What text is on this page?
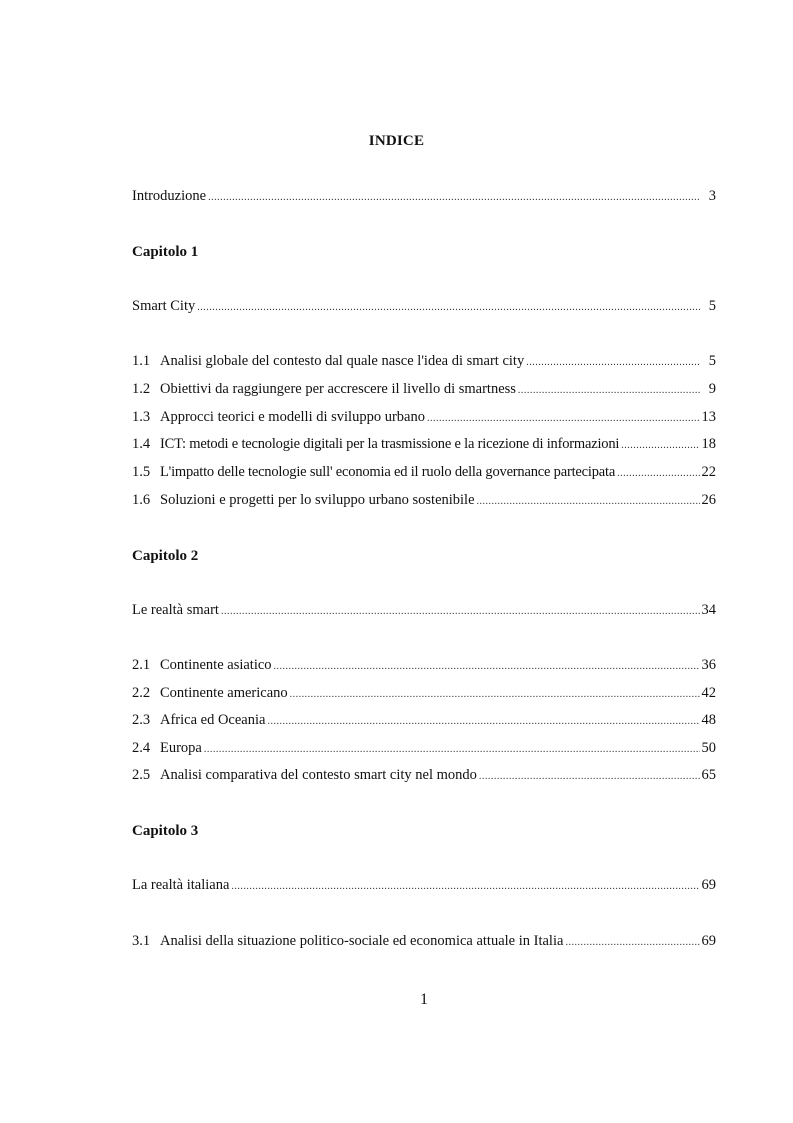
INDICE
Introduzione .....	3
Capitolo 1
Smart City .....	5
1.1 Analisi globale del contesto dal quale nasce l'idea di smart city .....	5
1.2 Obiettivi da raggiungere per accrescere il livello di smartness .....	9
1.3 Approcci teorici e modelli di sviluppo urbano .....	13
1.4 ICT: metodi e tecnologie digitali per la trasmissione e la ricezione di informazioni .....	18
1.5 L'impatto delle tecnologie sull' economia ed il ruolo della governance partecipata .....	22
1.6 Soluzioni e progetti per lo sviluppo urbano sostenibile .....	26
Capitolo 2
Le realtà smart .....	34
2.1 Continente asiatico .....	36
2.2 Continente americano .....	42
2.3 Africa ed Oceania .....	48
2.4 Europa .....	50
2.5 Analisi comparativa del contesto smart city nel mondo .....	65
Capitolo 3
La realtà italiana .....	69
3.1 Analisi della situazione politico-sociale ed economica attuale in Italia .....	69
1
